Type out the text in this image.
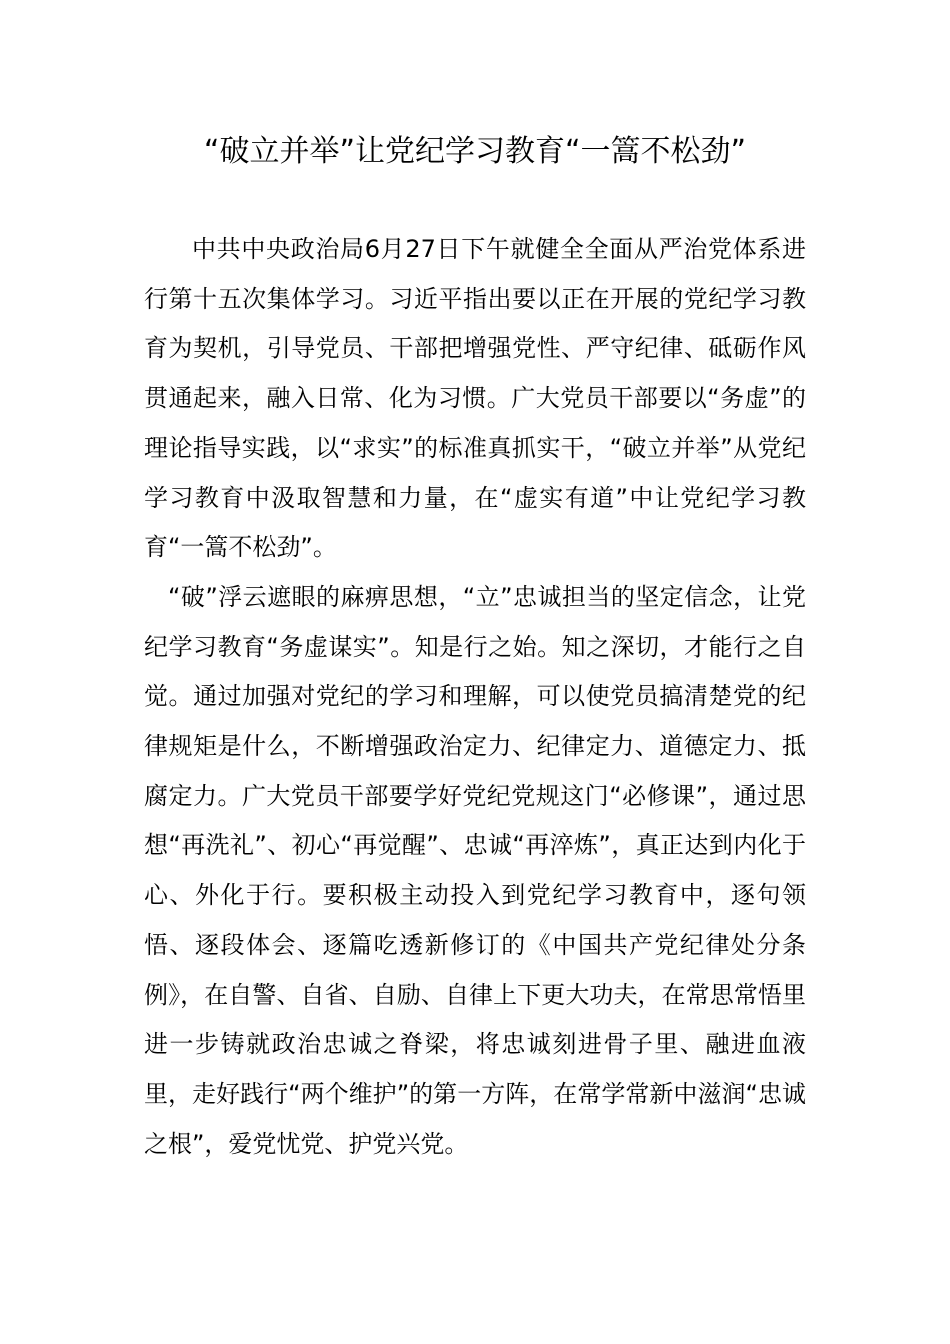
“破立并举”让党纪学习教育“一篙不松劲”

中共中央政治局6月27日下午就健全全面从严治党体系进行第十五次集体学习。习近平指出要以正在开展的党纪学习教育为契机，引导党员、干部把增强党性、严守纪律、砥砺作风贯通起来，融入日常、化为习惯。广大党员干部要以“务虚”的理论指导实践，以“求实”的标准真抓实干，“破立并举”从党纪学习教育中汲取智慧和力量，在“虚实有道”中让党纪学习教育“一篙不松劲”。

“破”浮云遮眼的麻痹思想，“立”忠诚担当的坚定信念，让党纪学习教育“务虚谋实”。知是行之始。知之深切，才能行之自觉。通过加强对党纪的学习和理解，可以使党员搞清楚党的纪律规矩是什么，不断增强政治定力、纪律定力、道德定力、抵腐定力。广大党员干部要学好党纪党规这门“必修课”，通过思想“再洗礼”、初心“再觉醒”、忠诚“再淬炼”，真正达到内化于心、外化于行。要积极主动投入到党纪学习教育中，逐句领悟、逐段体会、逐篇吃透新修订的《中国共产党纪律处分条例》，在自警、自省、自励、自律上下更大功夫，在常思常悟里进一步铸就政治忠诚之脊梁，将忠诚刻进骨子里、融进血液里，走好践行“两个维护”的第一方阵，在常学常新中滋润“忠诚之根”，爱党忧党、护党兴党。
